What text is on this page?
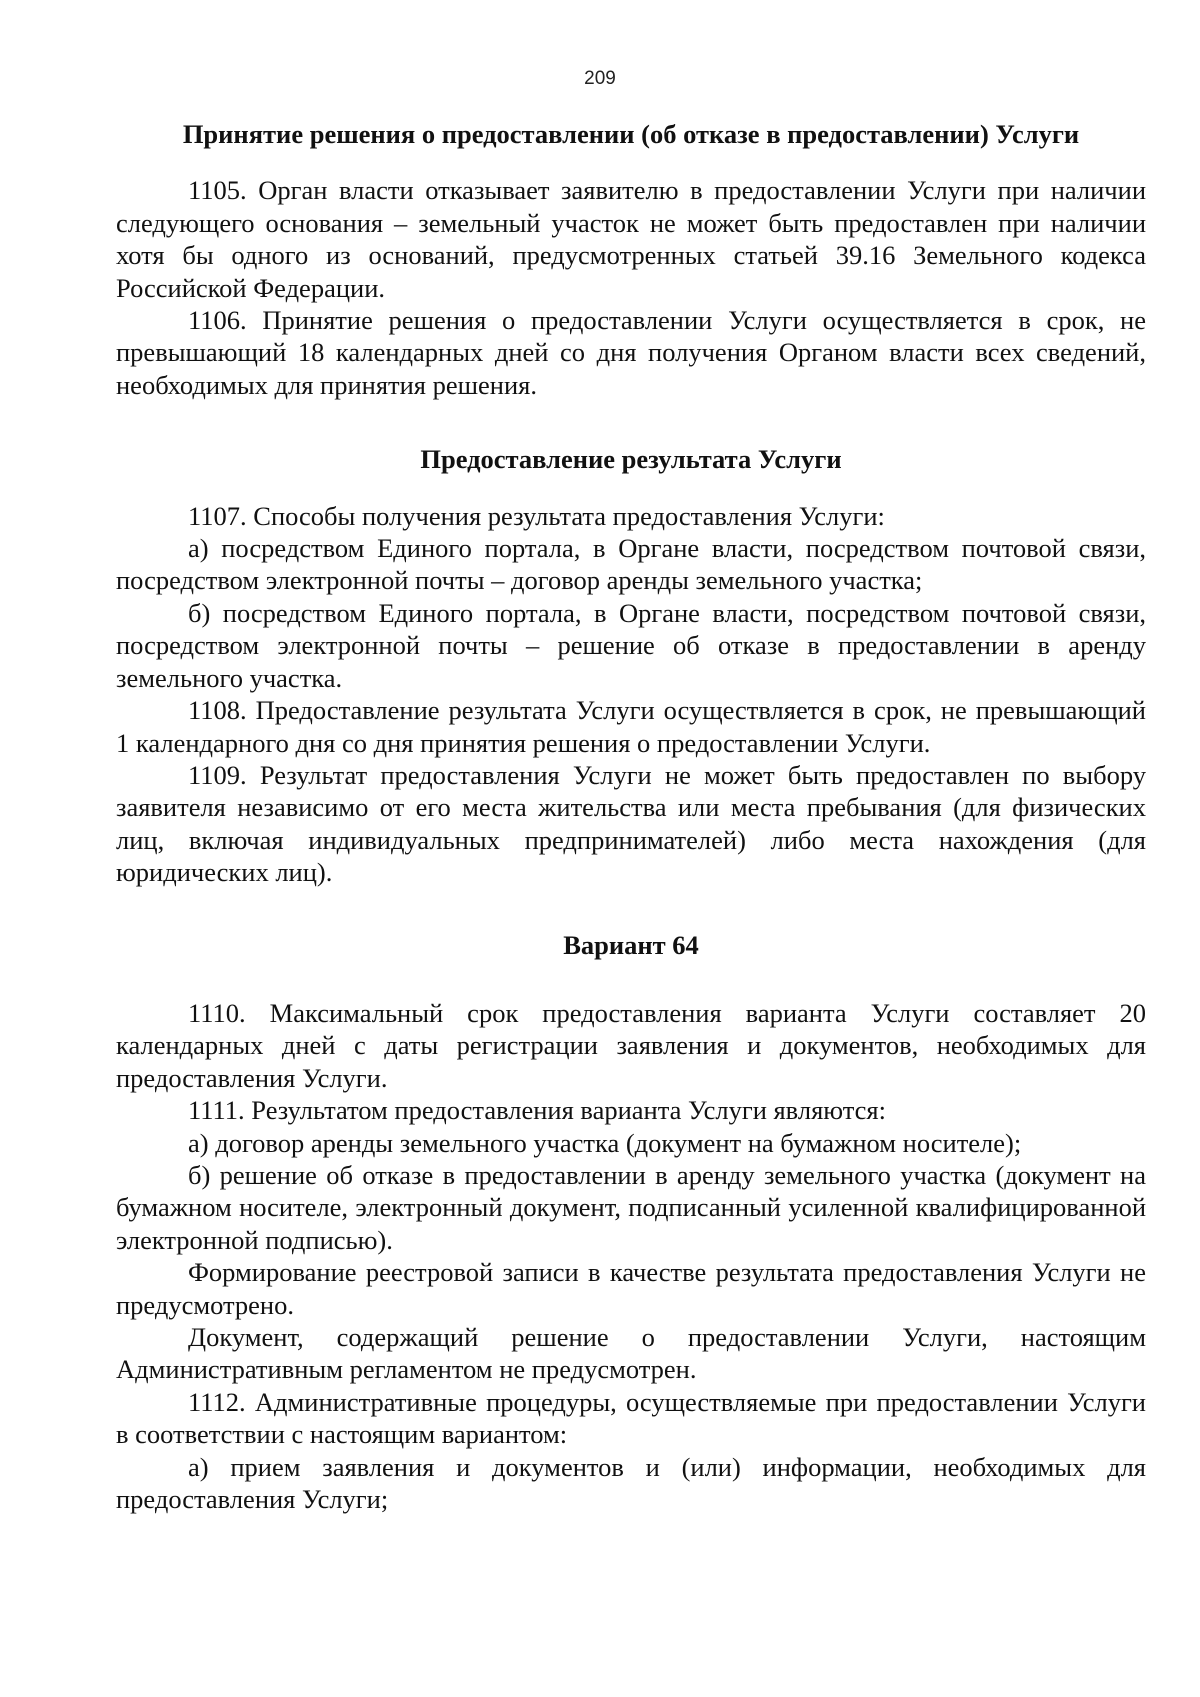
209
Принятие решения о предоставлении (об отказе в предоставлении) Услуги

1105. Орган власти отказывает заявителю в предоставлении Услуги при наличии следующего основания – земельный участок не может быть предоставлен при наличии хотя бы одного из оснований, предусмотренных статьей 39.16 Земельного кодекса Российской Федерации.

1106. Принятие решения о предоставлении Услуги осуществляется в срок, не превышающий 18 календарных дней со дня получения Органом власти всех сведений, необходимых для принятия решения.

Предоставление результата Услуги

1107. Способы получения результата предоставления Услуги:

а) посредством Единого портала, в Органе власти, посредством почтовой связи, посредством электронной почты – договор аренды земельного участка;

б) посредством Единого портала, в Органе власти, посредством почтовой связи, посредством электронной почты – решение об отказе в предоставлении в аренду земельного участка.

1108. Предоставление результата Услуги осуществляется в срок, не превышающий 1 календарного дня со дня принятия решения о предоставлении Услуги.

1109. Результат предоставления Услуги не может быть предоставлен по выбору заявителя независимо от его места жительства или места пребывания (для физических лиц, включая индивидуальных предпринимателей) либо места нахождения (для юридических лиц).

Вариант 64

1110. Максимальный срок предоставления варианта Услуги составляет 20 календарных дней с даты регистрации заявления и документов, необходимых для предоставления Услуги.

1111. Результатом предоставления варианта Услуги являются:

а) договор аренды земельного участка (документ на бумажном носителе);

б) решение об отказе в предоставлении в аренду земельного участка (документ на бумажном носителе, электронный документ, подписанный усиленной квалифицированной электронной подписью).

Формирование реестровой записи в качестве результата предоставления Услуги не предусмотрено.

Документ, содержащий решение о предоставлении Услуги, настоящим Административным регламентом не предусмотрен.

1112. Административные процедуры, осуществляемые при предоставлении Услуги в соответствии с настоящим вариантом:

а) прием заявления и документов и (или) информации, необходимых для предоставления Услуги;
